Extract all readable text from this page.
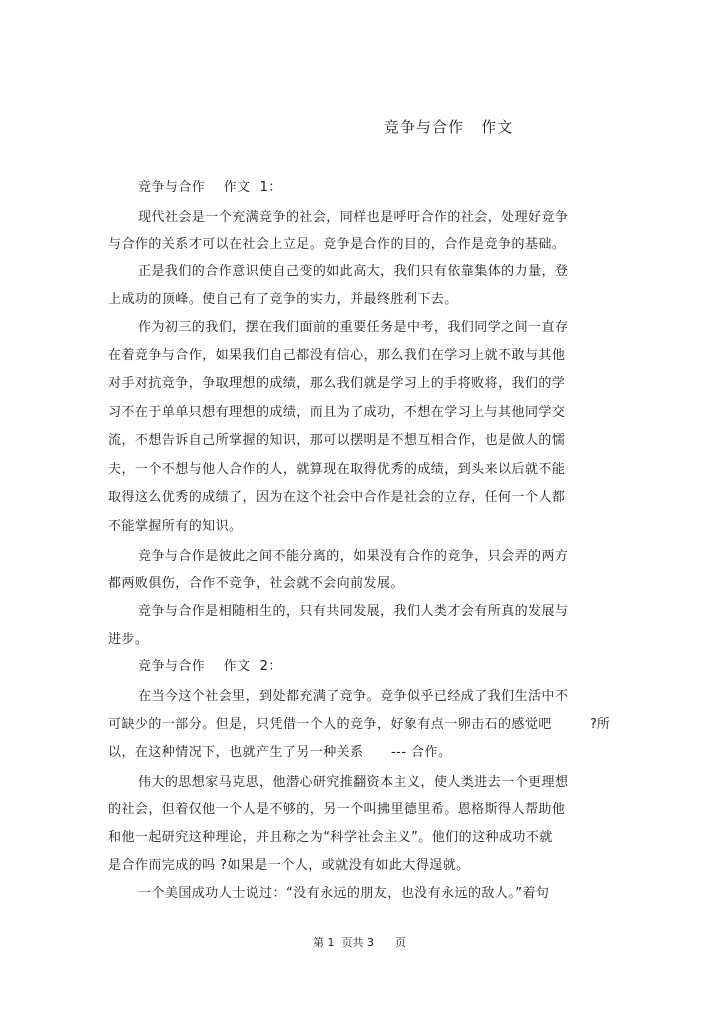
竞争与合作   作文

竞争与合作    作文  1：

现代社会是一个充满竞争的社会，同样也是呼吁合作的社会，处理好竞争

与合作的关系才可以在社会上立足。竞争是合作的目的，合作是竞争的基础。

正是我们的合作意识使自己变的如此高大，我们只有依靠集体的力量，登

上成功的顶峰。使自己有了竞争的实力，并最终胜利下去。

作为初三的我们，摆在我们面前的重要任务是中考，我们同学之间一直存

在着竞争与合作，如果我们自己都没有信心，那么我们在学习上就不敢与其他

对手对抗竞争，争取理想的成绩，那么我们就是学习上的手将败将，我们的学

习不在于单单只想有理想的成绩，而且为了成功，不想在学习上与其他同学交

流，不想告诉自己所掌握的知识，那可以摆明是不想互相合作，也是做人的懦

夫，一个不想与他人合作的人，就算现在取得优秀的成绩，到头来以后就不能

取得这么优秀的成绩了，因为在这个社会中合作是社会的立存，任何一个人都

不能掌握所有的知识。

竞争与合作是彼此之间不能分离的，如果没有合作的竞争，只会弄的两方

都两败俱伤，合作不竞争，社会就不会向前发展。

竞争与合作是相随相生的，只有共同发展，我们人类才会有所真的发展与

进步。

竞争与合作    作文  2：

在当今这个社会里，到处都充满了竞争。竞争似乎已经成了我们生活中不

可缺少的一部分。但是，只凭借一个人的竞争，好象有点一卵击石的感觉吧	?所

以，在这种情况下，也就产生了另一种关系      --- 合作。

伟大的思想家马克思，他潜心研究推翻资本主义，使人类进去一个更理想

的社会，但着仅他一个人是不够的，另一个叫拂里德里希。恩格斯得人帮助他

和他一起研究这种理论，并且称之为“科学社会主义”。他们的这种成功不就

是合作而完成的吗 ?如果是一个人，或就没有如此大得逞就。

一个美国成功人士说过：“没有永远的朋友，也没有永远的敌人。”着句

第 1  页共 3      页
